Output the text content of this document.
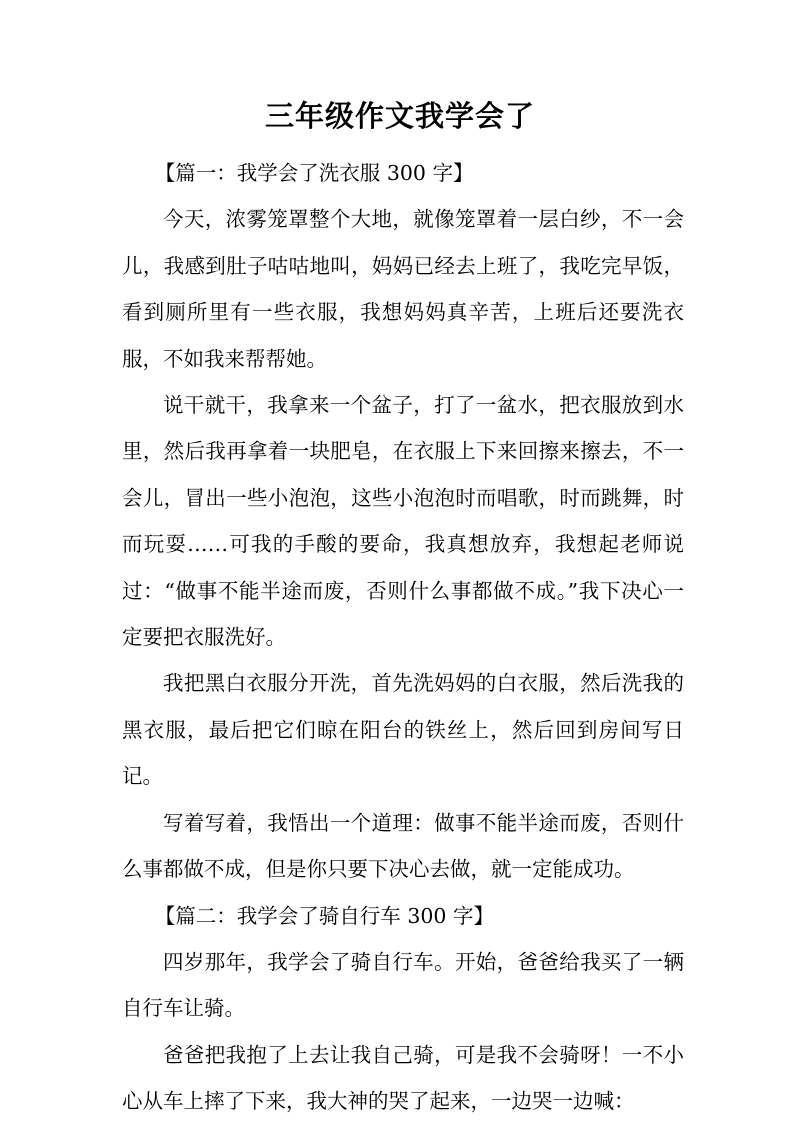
三年级作文我学会了

【篇一：我学会了洗衣服 300 字】

今天，浓雾笼罩整个大地，就像笼罩着一层白纱，不一会儿，我感到肚子咕咕地叫，妈妈已经去上班了，我吃完早饭，看到厕所里有一些衣服，我想妈妈真辛苦，上班后还要洗衣服，不如我来帮帮她。

说干就干，我拿来一个盆子，打了一盆水，把衣服放到水里，然后我再拿着一块肥皂，在衣服上下来回擦来擦去，不一会儿，冒出一些小泡泡，这些小泡泡时而唱歌，时而跳舞，时而玩耍……可我的手酸的要命，我真想放弃，我想起老师说过：“做事不能半途而废，否则什么事都做不成。”我下决心一定要把衣服洗好。

我把黑白衣服分开洗，首先洗妈妈的白衣服，然后洗我的黑衣服，最后把它们晾在阳台的铁丝上，然后回到房间写日记。

写着写着，我悟出一个道理：做事不能半途而废，否则什么事都做不成，但是你只要下决心去做，就一定能成功。

【篇二：我学会了骑自行车 300 字】

四岁那年，我学会了骑自行车。开始，爸爸给我买了一辆自行车让骑。

爸爸把我抱了上去让我自己骑，可是我不会骑呀！一不小心从车上摔了下来，我大神的哭了起来，一边哭一边喊：
